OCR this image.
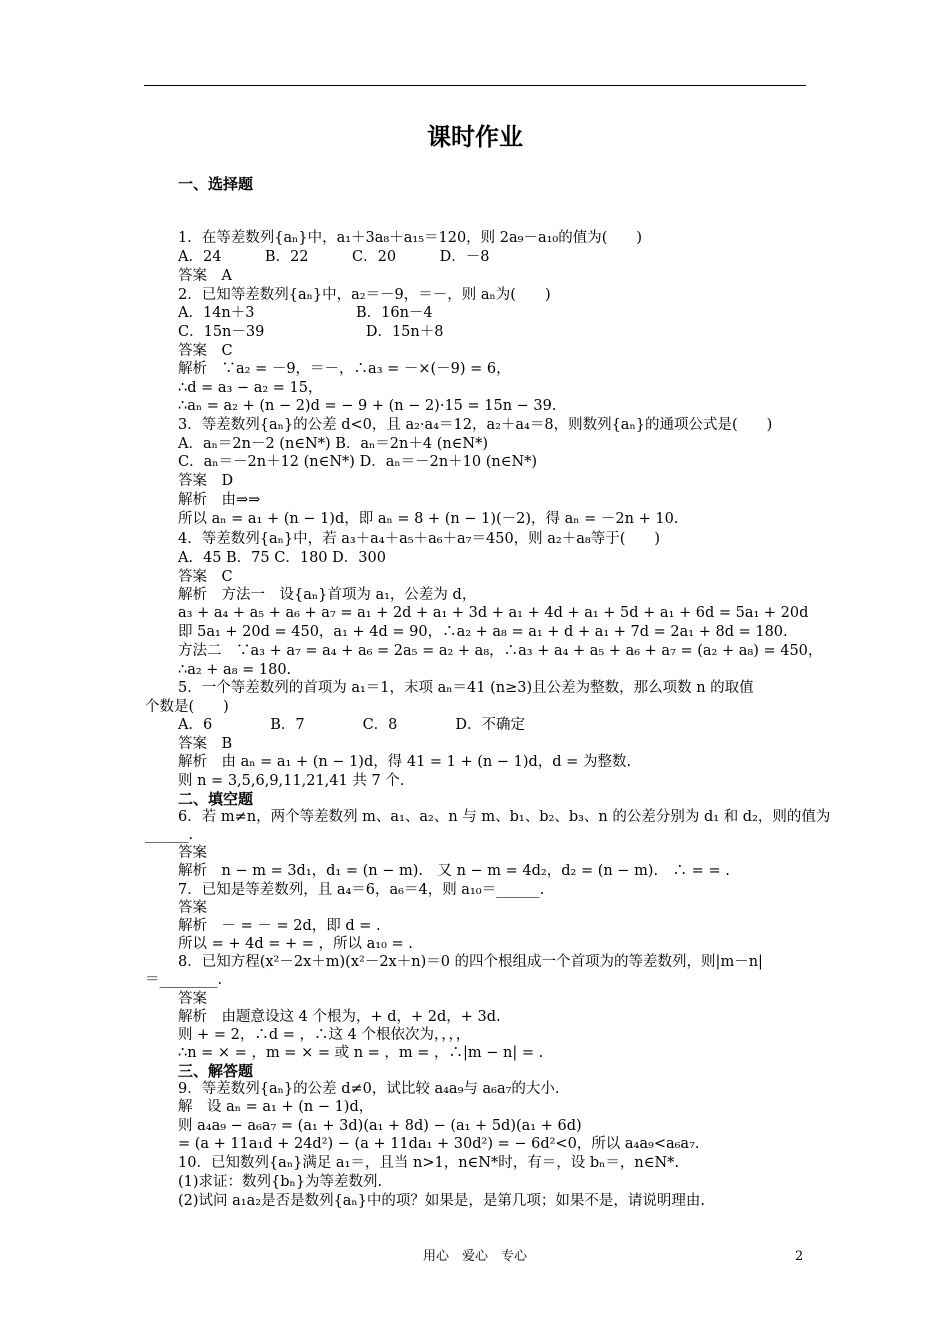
课时作业
一、选择题
1．在等差数列{aₙ}中，a₁＋3a₈＋a₁₅＝120，则 2a₉－a₁₀的值为(　　)
A．24　　　B．22　　　C．20　　　D．－8
答案　A
2．已知等差数列{aₙ}中，a₂＝－9，＝－，则 aₙ为(　　)
A．14n＋3　　　　　　　B．16n－4
C．15n－39　　　　　　　D．15n＋8
答案　C
解析　∵a₂ = －9，＝－，∴a₃ = －×(－9) = 6，
∴d = a₃ − a₂ = 15，
∴aₙ = a₂ + (n − 2)d = − 9 + (n − 2)·15 = 15n − 39.
3．等差数列{aₙ}的公差 d<0，且 a₂·a₄＝12，a₂＋a₄＝8，则数列{aₙ}的通项公式是(　　)
A．aₙ＝2n－2 (n∈N*) B．aₙ＝2n＋4 (n∈N*)
C．aₙ＝－2n＋12 (n∈N*) D．aₙ＝－2n＋10 (n∈N*)
答案　D
解析　由⇒⇒
所以 aₙ = a₁ + (n − 1)d，即 aₙ = 8 + (n − 1)(－2)，得 aₙ = －2n + 10.
4．等差数列{aₙ}中，若 a₃＋a₄＋a₅＋a₆＋a₇＝450，则 a₂＋a₈等于(　　)
A．45 B．75 C．180 D．300
答案　C
解析　方法一　设{aₙ}首项为 a₁，公差为 d，
a₃ + a₄ + a₅ + a₆ + a₇ = a₁ + 2d + a₁ + 3d + a₁ + 4d + a₁ + 5d + a₁ + 6d = 5a₁ + 20d
即 5a₁ + 20d = 450，a₁ + 4d = 90，∴a₂ + a₈ = a₁ + d + a₁ + 7d = 2a₁ + 8d = 180.
方法二　∵a₃ + a₇ = a₄ + a₆ = 2a₅ = a₂ + a₈，∴a₃ + a₄ + a₅ + a₆ + a₇ = (a₂ + a₈) = 450，
∴a₂ + a₈ = 180.
5．一个等差数列的首项为 a₁＝1，末项 aₙ＝41 (n≥3)且公差为整数，那么项数 n 的取值
个数是(　　)
A．6　　　　B．7　　　　C．8　　　　D．不确定
答案　B
解析　由 aₙ = a₁ + (n − 1)d，得 41 = 1 + (n − 1)d，d = 为整数.
则 n = 3,5,6,9,11,21,41 共 7 个.
二、填空题
6．若 m≠n，两个等差数列 m、a₁、a₂、n 与 m、b₁、b₂、b₃、n 的公差分别为 d₁ 和 d₂，则的值为
______.
答案
解析　n − m = 3d₁，d₁ = (n − m).　又 n − m = 4d₂，d₂ = (n − m).　∴ = = .
7．已知是等差数列，且 a₄＝6，a₆＝4，则 a₁₀＝______.
答案
解析　－ = － = 2d，即 d = .
所以 = + 4d = + = ，所以 a₁₀ = .
8．已知方程(x²－2x＋m)(x²－2x＋n)＝0 的四个根组成一个首项为的等差数列，则|m－n|
＝________.
答案
解析　由题意设这 4 个根为，+ d，+ 2d，+ 3d.
则 + = 2，∴d = ，∴这 4 个根依次为，，，，
∴n = × = ，m = × = 或 n = ，m = ，∴|m − n| = .
三、解答题
9．等差数列{aₙ}的公差 d≠0，试比较 a₄a₉与 a₆a₇的大小.
解　设 aₙ = a₁ + (n − 1)d，
则 a₄a₉ − a₆a₇ = (a₁ + 3d)(a₁ + 8d) − (a₁ + 5d)(a₁ + 6d)
= (a + 11a₁d + 24d²) − (a + 11da₁ + 30d²) = − 6d²<0，所以 a₄a₉<a₆a₇.
10．已知数列{aₙ}满足 a₁＝，且当 n>1，n∈N*时，有＝，设 bₙ＝，n∈N*.
(1)求证：数列{bₙ}为等差数列.
(2)试问 a₁a₂是否是数列{aₙ}中的项？如果是，是第几项；如果不是，请说明理由.
用心　爱心　专心	2
